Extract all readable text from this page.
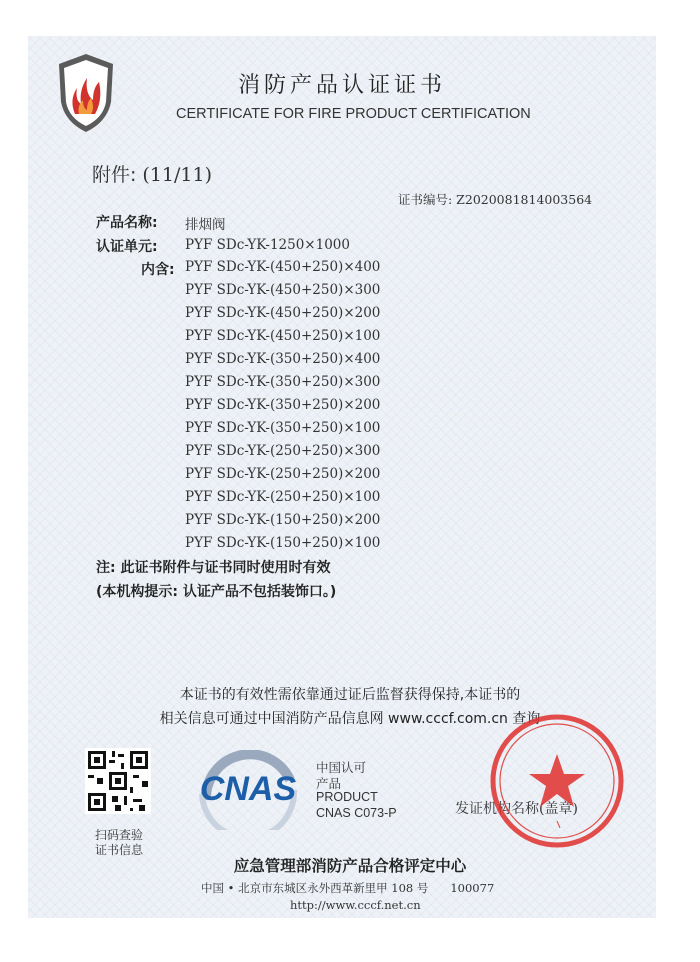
消防产品认证证书
CERTIFICATE FOR FIRE PRODUCT CERTIFICATION
附件: (11/11)
证书编号: Z2020081814003564
产品名称: 排烟阀
认证单元: PYF SDc-YK-1250×1000
内含: PYF SDc-YK-(450+250)×400
PYF SDc-YK-(450+250)×300
PYF SDc-YK-(450+250)×200
PYF SDc-YK-(450+250)×100
PYF SDc-YK-(350+250)×400
PYF SDc-YK-(350+250)×300
PYF SDc-YK-(350+250)×200
PYF SDc-YK-(350+250)×100
PYF SDc-YK-(250+250)×300
PYF SDc-YK-(250+250)×200
PYF SDc-YK-(250+250)×100
PYF SDc-YK-(150+250)×200
PYF SDc-YK-(150+250)×100
注: 此证书附件与证书同时使用时有效
(本机构提示: 认证产品不包括装饰口。)
本证书的有效性需依靠通过证后监督获得保持,本证书的
相关信息可通过中国消防产品信息网 www.cccf.com.cn 查询
扫码查验
证书信息
CNAS
中国认可
产品
PRODUCT
CNAS C073-P	发证机构名称(盖章)
应急管理部消防产品合格评定中心
中国 • 北京市东城区永外西革新里甲 108 号 100077
http://www.cccf.net.cn
